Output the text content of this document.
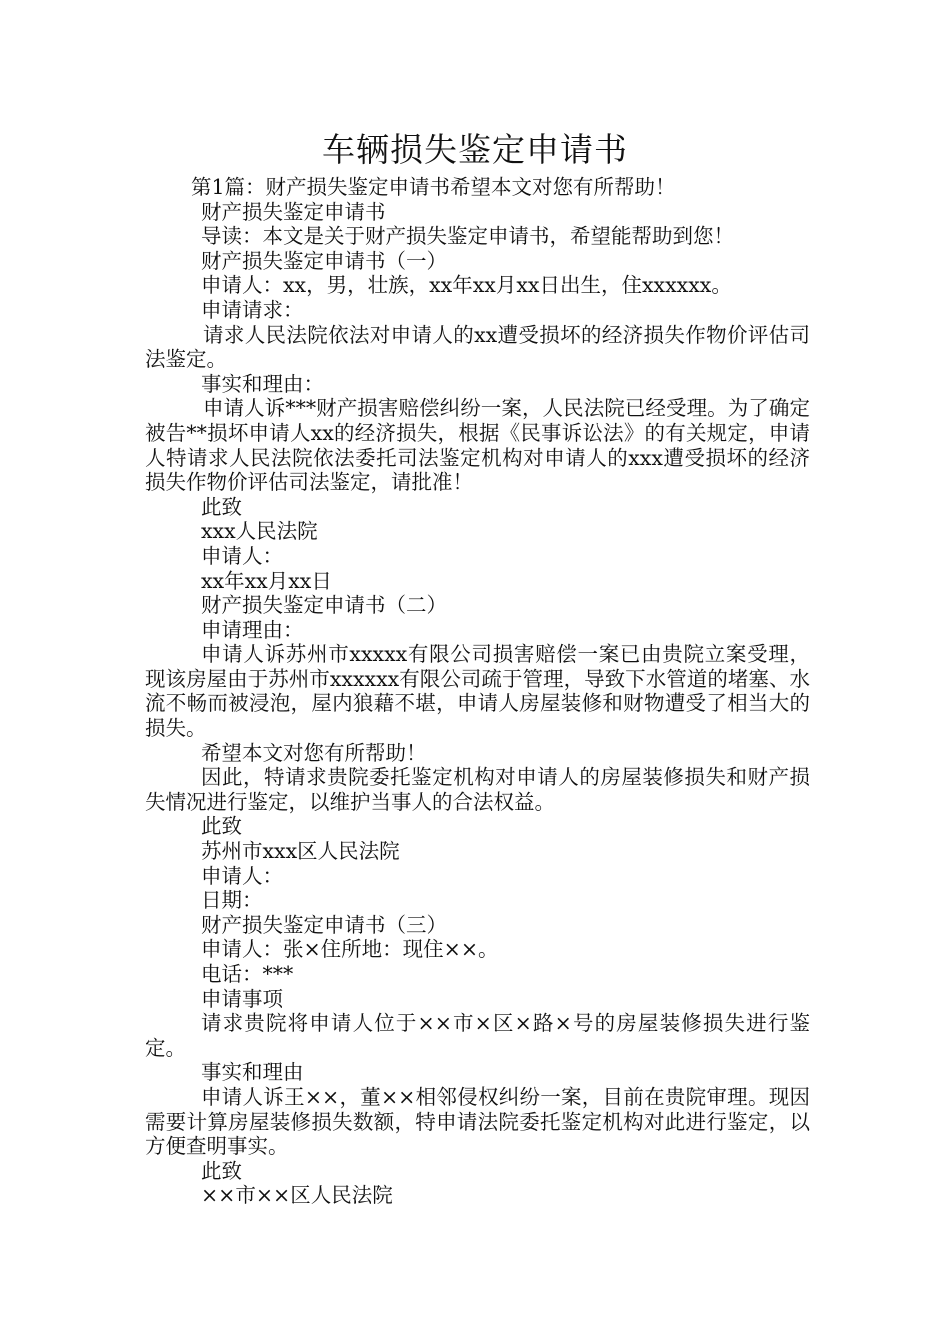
车辆损失鉴定申请书

第1篇：财产损失鉴定申请书希望本文对您有所帮助！

财产损失鉴定申请书

导读：本文是关于财产损失鉴定申请书，希望能帮助到您！

财产损失鉴定申请书（一）

申请人：xx，男，壮族，xx年xx月xx日出生，住xxxxxx。

申请请求：

请求人民法院依法对申请人的xx遭受损坏的经济损失作物价评估司法鉴定。

事实和理由：

申请人诉***财产损害赔偿纠纷一案，人民法院已经受理。为了确定被告**损坏申请人xx的经济损失，根据《民事诉讼法》的有关规定，申请人特请求人民法院依法委托司法鉴定机构对申请人的xxx遭受损坏的经济损失作物价评估司法鉴定，请批准！

此致

xxx人民法院

申请人：

xx年xx月xx日

财产损失鉴定申请书（二）

申请理由：

申请人诉苏州市xxxxx有限公司损害赔偿一案已由贵院立案受理，现该房屋由于苏州市xxxxxx有限公司疏于管理，导致下水管道的堵塞、水流不畅而被浸泡，屋内狼藉不堪，申请人房屋装修和财物遭受了相当大的损失。

希望本文对您有所帮助！

因此，特请求贵院委托鉴定机构对申请人的房屋装修损失和财产损失情况进行鉴定，以维护当事人的合法权益。

此致

苏州市xxx区人民法院

申请人：

日期：

财产损失鉴定申请书（三）

申请人：张×住所地：现住××。

电话：***

申请事项

请求贵院将申请人位于××市×区×路×号的房屋装修损失进行鉴定。

事实和理由

申请人诉王××，董××相邻侵权纠纷一案，目前在贵院审理。现因需要计算房屋装修损失数额，特申请法院委托鉴定机构对此进行鉴定，以方便查明事实。

此致

××市××区人民法院
